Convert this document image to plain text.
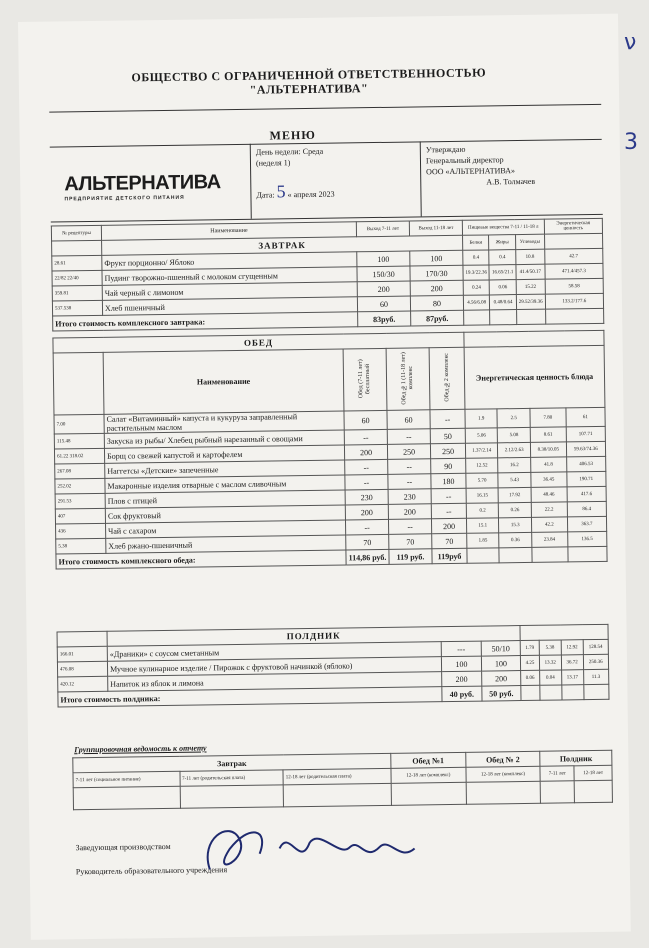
ОБЩЕСТВО С ОГРАНИЧЕННОЙ ОТВЕТСТВЕННОСТЬЮ
"АЛЬТЕРНАТИВА"
МЕНЮ
АЛЬТЕРНАТИВА
ПРЕДПРИЯТИЕ ДЕТСКОГО ПИТАНИЯ
День недели: Среда
(неделя 1)
Дата: 5 « апреля 2023
Утверждаю
Генеральный директор
ООО «АЛЬТЕРНАТИВА»
А.В. Толмачев
№ рецептуры	Наименование	Выход 7-11 лет	Выход 11-18 лет	Пищевые вещества 7-11 / 11-18 л			Энергетическая ценность
	ЗАВТРАК			Белки	Жиры	Углеводы	
28.61	Фрукт порционно/ Яблоко	100	100	0.4	0.4	10.8	42.7
22/82 22/40	Пудинг творожно-пшенный с молоком сгущенным	150/30	170/30	19.3/22.36	16.65/21.1	41.4/50.17	471.4/457.3
359.81	Чай черный с лимоном	200	200	0.24	0.06	15.22	58.58
537.538	Хлеб пшеничный	60	80	4.56/6.08	0.48/0.64	29.52/39.36	133.2/177.6
Итого стоимость комплексного завтрака:		83руб.	87руб.				
ОБЕД								
	Наименование	Обед (7-11 лет) бесплатный	Обед №1 (11-18 лет) комплекс	Обед №2 комплекс	Энергетическая ценность блюда			
7.00	Салат «Витаминный» капуста и кукуруза заправленный растительным маслом	60	60	--	1.9	2.5	7.80	61
115.48	Закуска из рыбы/ Хлебец рыбный нарезанный с овощами	--	--	50	5.06	5.08	8.61	107.71
61.22 318.02	Борщ со свежей капустой и картофелем	200	250	250	1.37/2.14	2.12/2.63	8.38/10.05	59.63/74.36
267.08	Наггетсы «Детские» запеченные	--	--	90	12.52	16.2	41.8	406.53
252.02	Макаронные изделия отварные с маслом сливочным	--	--	180	5.70	5.43	36.45	190.71
291.53	Плов с птицей	230	230	--	16.15	17.92	48.46	417.6
407	Сок фруктовый	200	200	--	0.2	0.26	22.2	86.4
436	Чай с сахаром	--	--	200	15.1	15.3	42.2	363.7
5.38	Хлеб ржано-пшеничный	70	70	70	1.85	0.36	23.84	136.5
Итого стоимость комплексного обеда:		114,86 руб.	119 руб.	119руб				
	ПОЛДНИК						
166.01	«Драники» с соусом сметанным	---	50/10	1.79	5.38	12.92	128.54
476.08	Мучное кулинарное изделие / Пирожок с фруктовой начинкой (яблоко)	100	100	4.25	13.32	36.72	250.36
420.12	Напиток из яблок и лимона	200	200	0.06	0.04	13.17	11.3
Итого стоимость полдника:		40 руб.	50 руб.				
Группировочная ведомость к отчету
Завтрак			Обед №1	Обед № 2	Полдник	
7-11 лет (социальное питание)	7-11 лет (родительская плата)	12-18 лет (родительская плата)	12-18 лет (комплекс)	12-18 лет (комплекс)	7-11 лет	12-18 лет

Заведующая производством
Руководитель образовательного учреждения
ν
3
